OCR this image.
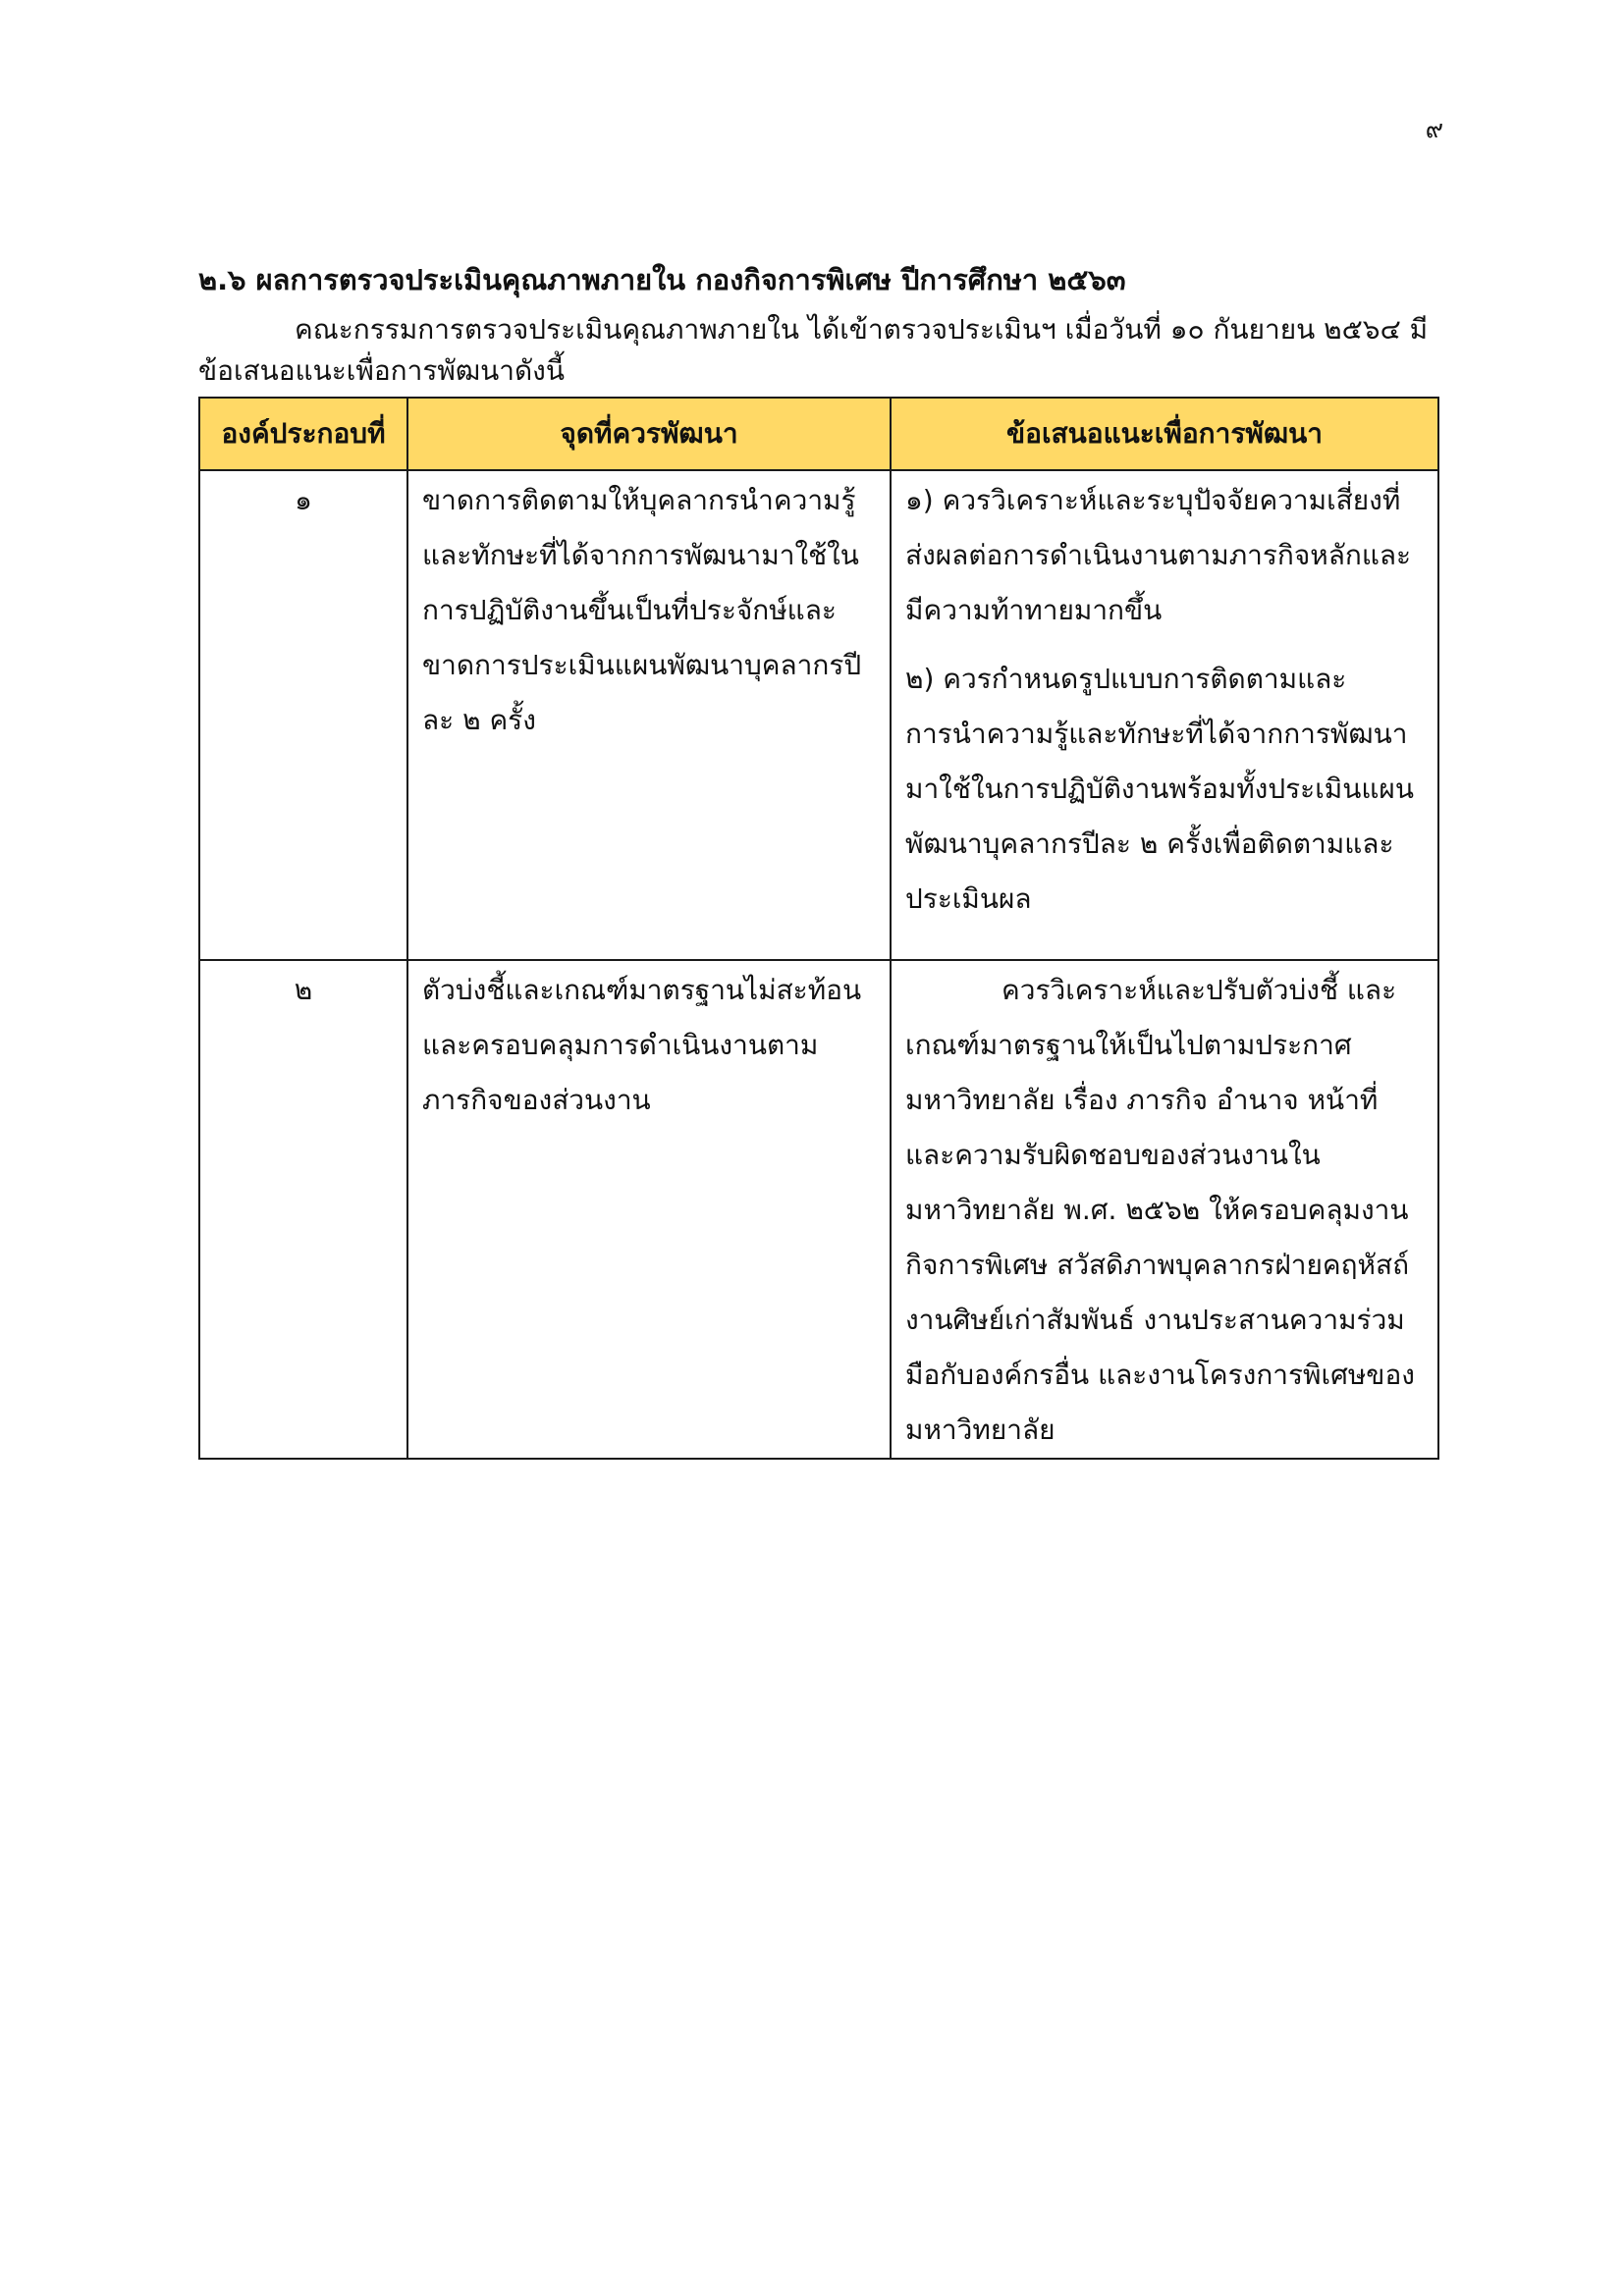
๙
๒.๖ ผลการตรวจประเมินคุณภาพภายใน กองกิจการพิเศษ ปีการศึกษา ๒๕๖๓
คณะกรรมการตรวจประเมินคุณภาพภายใน ได้เข้าตรวจประเมินฯ เมื่อวันที่ ๑๐ กันยายน ๒๕๖๔ มี
ข้อเสนอแนะเพื่อการพัฒนาดังนี้
องค์ประกอบที่	จุดที่ควรพัฒนา	ข้อเสนอแนะเพื่อการพัฒนา
๑	ขาดการติดตามให้บุคลากรนำความรู้และทักษะที่ได้จากการพัฒนามาใช้ในการปฏิบัติงานขึ้นเป็นที่ประจักษ์และขาดการประเมินแผนพัฒนาบุคลากรปีละ ๒ ครั้ง	๑) ควรวิเคราะห์และระบุปัจจัยความเสี่ยงที่ส่งผลต่อการดำเนินงานตามภารกิจหลักและมีความท้าทายมากขึ้น

๒) ควรกำหนดรูปแบบการติดตามและการนำความรู้และทักษะที่ได้จากการพัฒนามาใช้ในการปฏิบัติงานพร้อมทั้งประเมินแผนพัฒนาบุคลากรปีละ ๒ ครั้งเพื่อติดตามและประเมินผล

๒	ตัวบ่งชี้และเกณฑ์มาตรฐานไม่สะท้อนและครอบคลุมการดำเนินงานตามภารกิจของส่วนงาน	ควรวิเคราะห์และปรับตัวบ่งชี้ และเกณฑ์มาตรฐานให้เป็นไปตามประกาศมหาวิทยาลัย เรื่อง ภารกิจ อำนาจ หน้าที่และความรับผิดชอบของส่วนงานในมหาวิทยาลัย พ.ศ. ๒๕๖๒ ให้ครอบคลุมงานกิจการพิเศษ สวัสดิภาพบุคลากรฝ่ายคฤหัสถ์ งานศิษย์เก่าสัมพันธ์ งานประสานความร่วมมือกับองค์กรอื่น และงานโครงการพิเศษของมหาวิทยาลัย
